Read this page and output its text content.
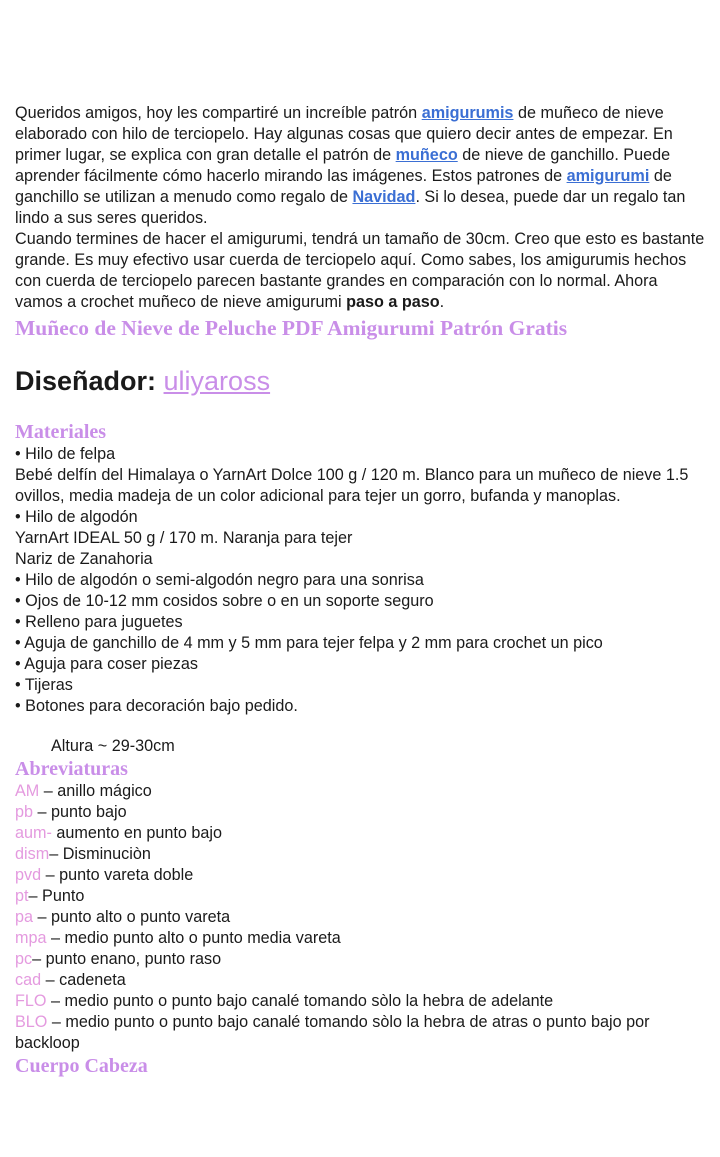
Queridos amigos, hoy les compartiré un increíble patrón amigurumis de muñeco de nieve elaborado con hilo de terciopelo. Hay algunas cosas que quiero decir antes de empezar. En primer lugar, se explica con gran detalle el patrón de muñeco de nieve de ganchillo. Puede aprender fácilmente cómo hacerlo mirando las imágenes. Estos patrones de amigurumi de ganchillo se utilizan a menudo como regalo de Navidad. Si lo desea, puede dar un regalo tan lindo a sus seres queridos.

Cuando termines de hacer el amigurumi, tendrá un tamaño de 30cm. Creo que esto es bastante grande. Es muy efectivo usar cuerda de terciopelo aquí. Como sabes, los amigurumis hechos con cuerda de terciopelo parecen bastante grandes en comparación con lo normal. Ahora vamos a crochet muñeco de nieve amigurumi paso a paso.

Muñeco de Nieve de Peluche PDF Amigurumi Patrón Gratis
Diseñador: uliyaross
Materiales
• Hilo de felpa
Bebé delfín del Himalaya o YarnArt Dolce 100 g / 120 m. Blanco para un muñeco de nieve 1.5 ovillos, media madeja de un color adicional para tejer un gorro, bufanda y manoplas.
• Hilo de algodón
YarnArt IDEAL 50 g / 170 m. Naranja para tejer
Nariz de Zanahoria
• Hilo de algodón o semi-algodón negro para una sonrisa
• Ojos de 10-12 mm cosidos sobre o en un soporte seguro
• Relleno para juguetes
• Aguja de ganchillo de 4 mm y 5 mm para tejer felpa y 2 mm para crochet un pico
• Aguja para coser piezas
• Tijeras
• Botones para decoración bajo pedido.
Altura ~ 29-30cm
Abreviaturas
AM – anillo mágico
pb – punto bajo
aum- aumento en punto bajo
dism– Disminuciòn
pvd – punto vareta doble
pt– Punto
pa – punto alto o punto vareta
mpa – medio punto alto o punto media vareta
pc– punto enano, punto raso
cad – cadeneta
FLO – medio punto o punto bajo canalé tomando sòlo la hebra de adelante
BLO – medio punto o punto bajo canalé tomando sòlo la hebra de atras o punto bajo por backloop
Cuerpo Cabeza
